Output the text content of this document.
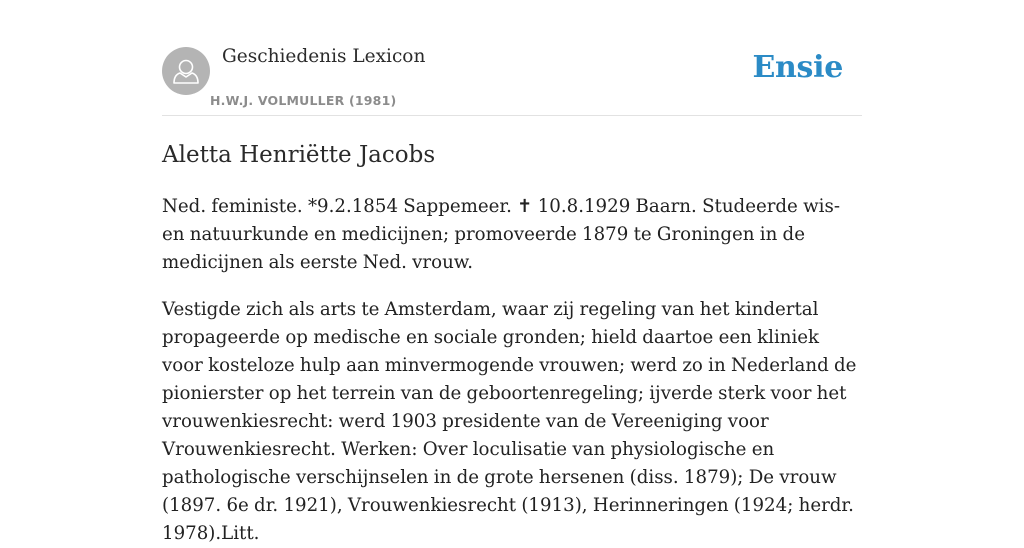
Geschiedenis Lexicon
H.W.J. VOLMULLER (1981)
Ensie
Aletta Henriëtte Jacobs

Ned. feministe. *9.2.1854 Sappemeer. ✝ 10.8.1929 Baarn. Studeerde wis- en natuurkunde en medicijnen; promoveerde 1879 te Groningen in de medicijnen als eerste Ned. vrouw.

Vestigde zich als arts te Amsterdam, waar zij regeling van het kindertal propageerde op medische en sociale gronden; hield daartoe een kliniek voor kosteloze hulp aan minvermogende vrouwen; werd zo in Nederland de pionierster op het terrein van de geboortenregeling; ijverde sterk voor het vrouwenkiesrecht: werd 1903 presidente van de Vereeniging voor Vrouwenkiesrecht. Werken: Over loculisatie van physiologische en pathologische verschijnselen in de grote hersenen (diss. 1879); De vrouw (1897. 6e dr. 1921), Vrouwenkiesrecht (1913), Herinneringen (1924; herdr. 1978).Litt.
